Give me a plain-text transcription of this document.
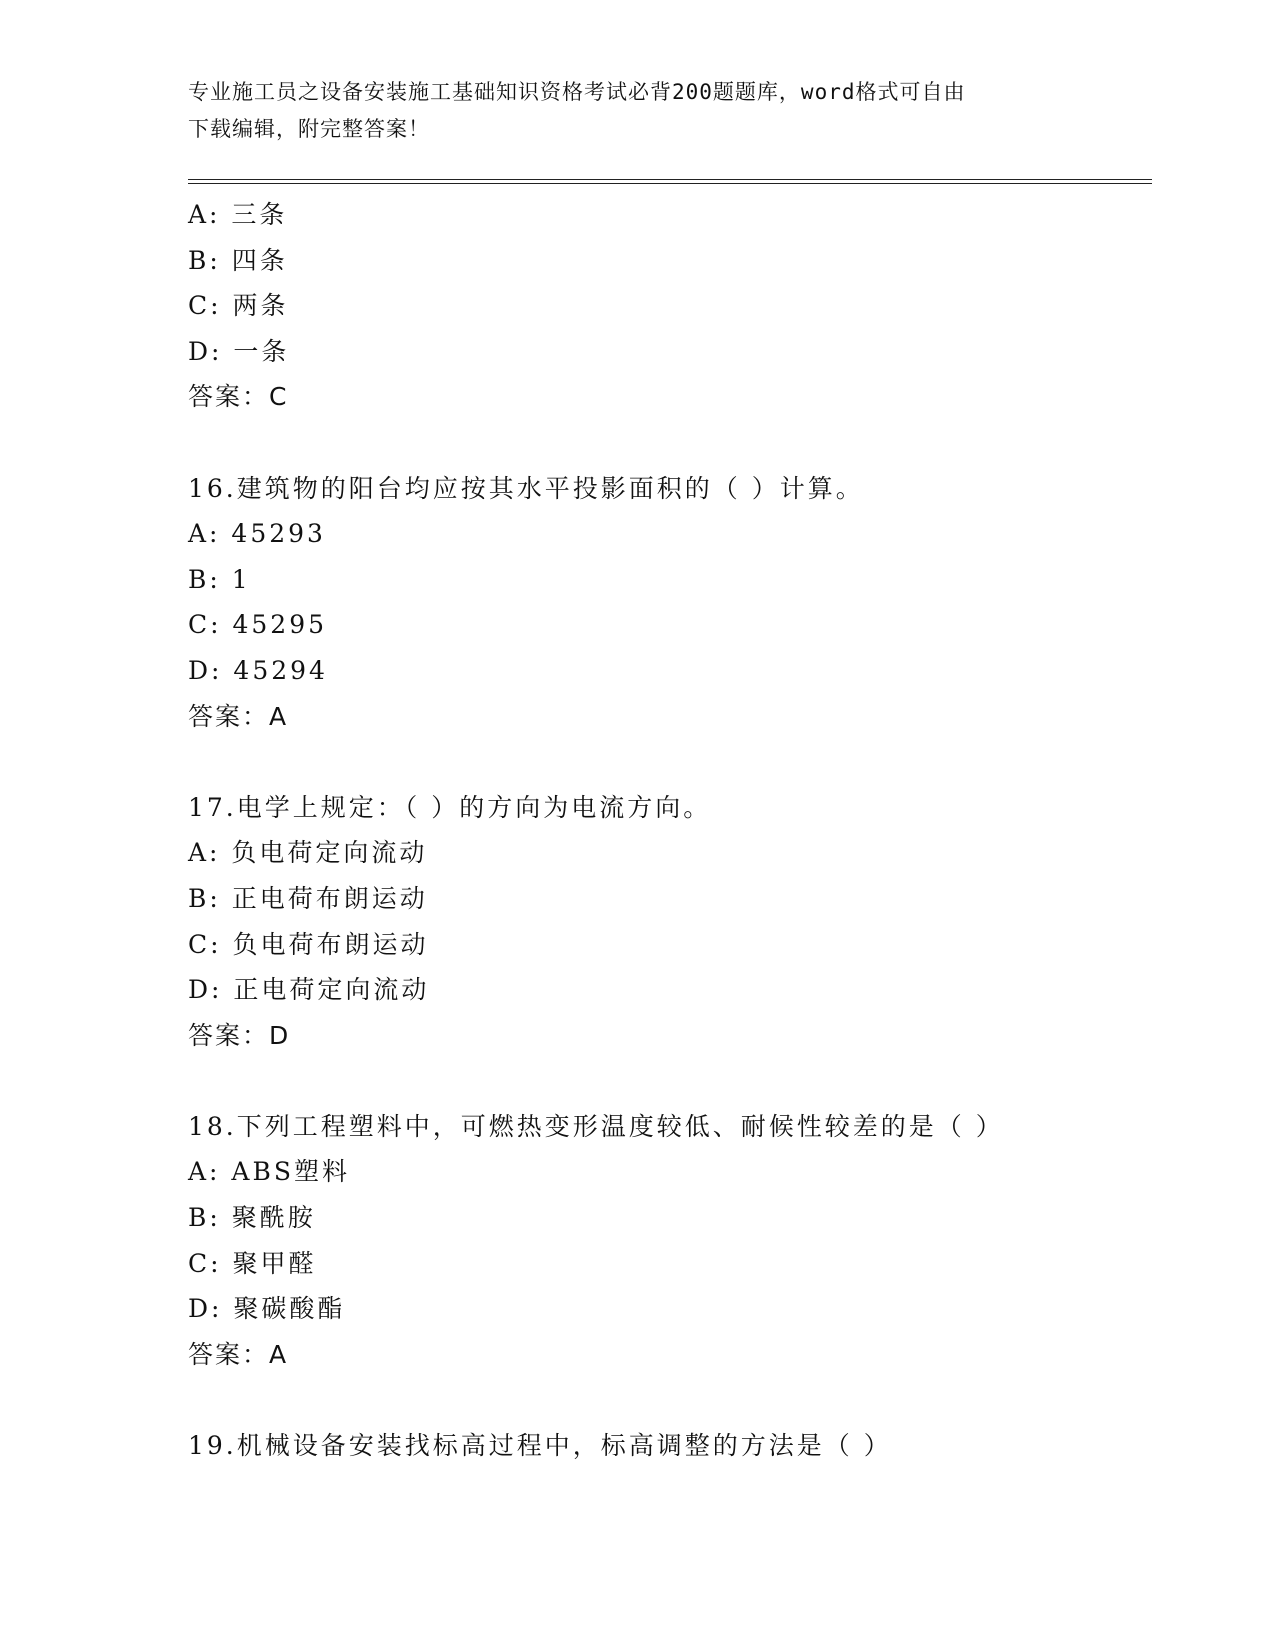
专业施工员之设备安装施工基础知识资格考试必背200题题库，word格式可自由
下载编辑，附完整答案！
A: 三条
B: 四条
C: 两条
D: 一条
答案：C
16.建筑物的阳台均应按其水平投影面积的（ ）计算。
A: 45293
B: 1
C: 45295
D: 45294
答案：A
17.电学上规定：（ ）的方向为电流方向。
A: 负电荷定向流动
B: 正电荷布朗运动
C: 负电荷布朗运动
D: 正电荷定向流动
答案：D
18.下列工程塑料中，可燃热变形温度较低、耐候性较差的是（ ）
A: ABS塑料
B: 聚酰胺
C: 聚甲醛
D: 聚碳酸酯
答案：A
19.机械设备安装找标高过程中，标高调整的方法是（ ）
